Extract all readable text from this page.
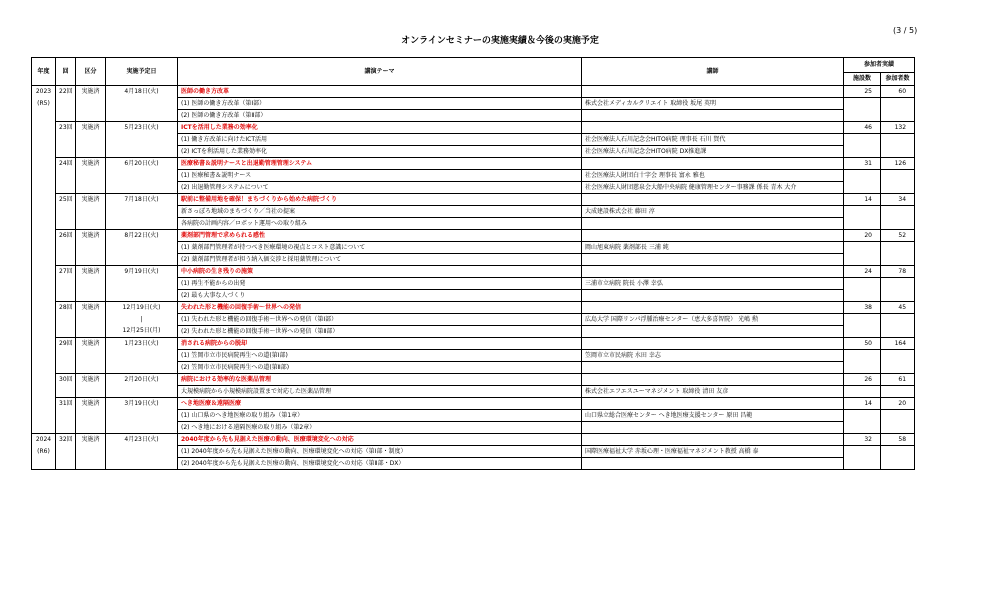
(3 / 5)
オンラインセミナーの実施実績＆今後の実施予定
年度	回	区分	実施予定日	講演テーマ	講師	参加者実績	
						施設数	参加者数
2023	22回	実施済	4月18日(火)	医師の働き方改革		25	60
(R5)				(1) 医師の働き方改革（第Ⅰ部）	株式会社メディカルクリエイト 取締役 坂尾 英明		
				(2) 医師の働き方改革（第Ⅱ部）			
	23回	実施済	5月23日(火)	ICTを活用した業務の効率化		46	132
				(1) 働き方改革に向けたICT活用	社会医療法人石川記念会HITO病院 理事長 石川 賀代		
				(2) ICTを利活用した業務効率化	社会医療法人石川記念会HITO病院 DX推進課		
	24回	実施済	6月20日(火)	医療秘書＆説明ナースと出退勤管理管理システム		31	126
				(1) 医療秘書＆説明ナース	社会医療法人財団白十字会 理事長 富永 雅也		
				(2) 出退勤管理システムについて	社会医療法人財団慈泉会大船中央病院 健康管理センター事務課 係長 青木 大介		
	25回	実施済	7月18日(火)	駅前に整備用地を確保！まちづくりから始めた病院づくり		14	34
				新さっぽろ地域のまちづくり／当社の提案	大成建設株式会社 藤田 淳		
				各病院の計画内容／ロボット運用への取り組み			
	26回	実施済	8月22日(火)	薬剤部門管理で求められる感性		20	52
				(1) 薬剤部門管理者が持つべき医療環境の視点とコスト意識について	岡山旭東病院 薬剤部長 三浦 純		
				(2) 薬剤部門管理者が担う納入価交渉と採用薬管理について			
	27回	実施済	9月19日(火)	中小病院の生き残りの施策		24	78
				(1) 再生不能からの出発	三浦市立病院 院長 小澤 幸弘		
				(2) 最も大事な人づくり			
	28回	実施済	12月19日(火)	失われた形と機能の回復手術～世界への発信		38	45
			|	(1) 失われた形と機能の回復手術～世界への発信（第Ⅰ部）	広島大学 国際リンパ浮腫治療センター（恵大多喜智院） 光嶋 勲		
			12月25日(月)	(2) 失われた形と機能の回復手術～世界への発信（第Ⅱ部）			
	29回	実施済	1月23日(火)	消される病院からの脱却		50	164
				(1) 笠岡市立市民病院再生への道(第Ⅰ部)	笠岡市立市民病院 水田 幸志		
				(2) 笠岡市立市民病院再生への道(第Ⅱ部)			
	30回	実施済	2月20日(火)	病院における効率的な医薬品管理		26	61
				大規模病院から小規模病院設置まで対応した医薬品管理	株式会社エフエスユーマネジメント 取締役 清田 友彦		
	31回	実施済	3月19日(火)	へき地医療＆遠隔医療		14	20
				(1) 山口県のへき地医療の取り組み（第1章）	山口県立総合医療センター へき地医療支援センター 原田 昌範		
				(2) へき地における遠隔医療の取り組み（第2章）			
2024	32回	実施済	4月23日(火)	2040年度から先も見据えた医療の動向、医療環境変化への対応		32	58
(R6)				(1) 2040年度から先も見据えた医療の動向、医療環境変化への対応（第Ⅰ部・制度）	国際医療福祉大学 赤坂心理・医療福祉マネジメント教授 高橋 泰		
				(2) 2040年度から先も見据えた医療の動向、医療環境変化への対応（第Ⅱ部・DX）			
